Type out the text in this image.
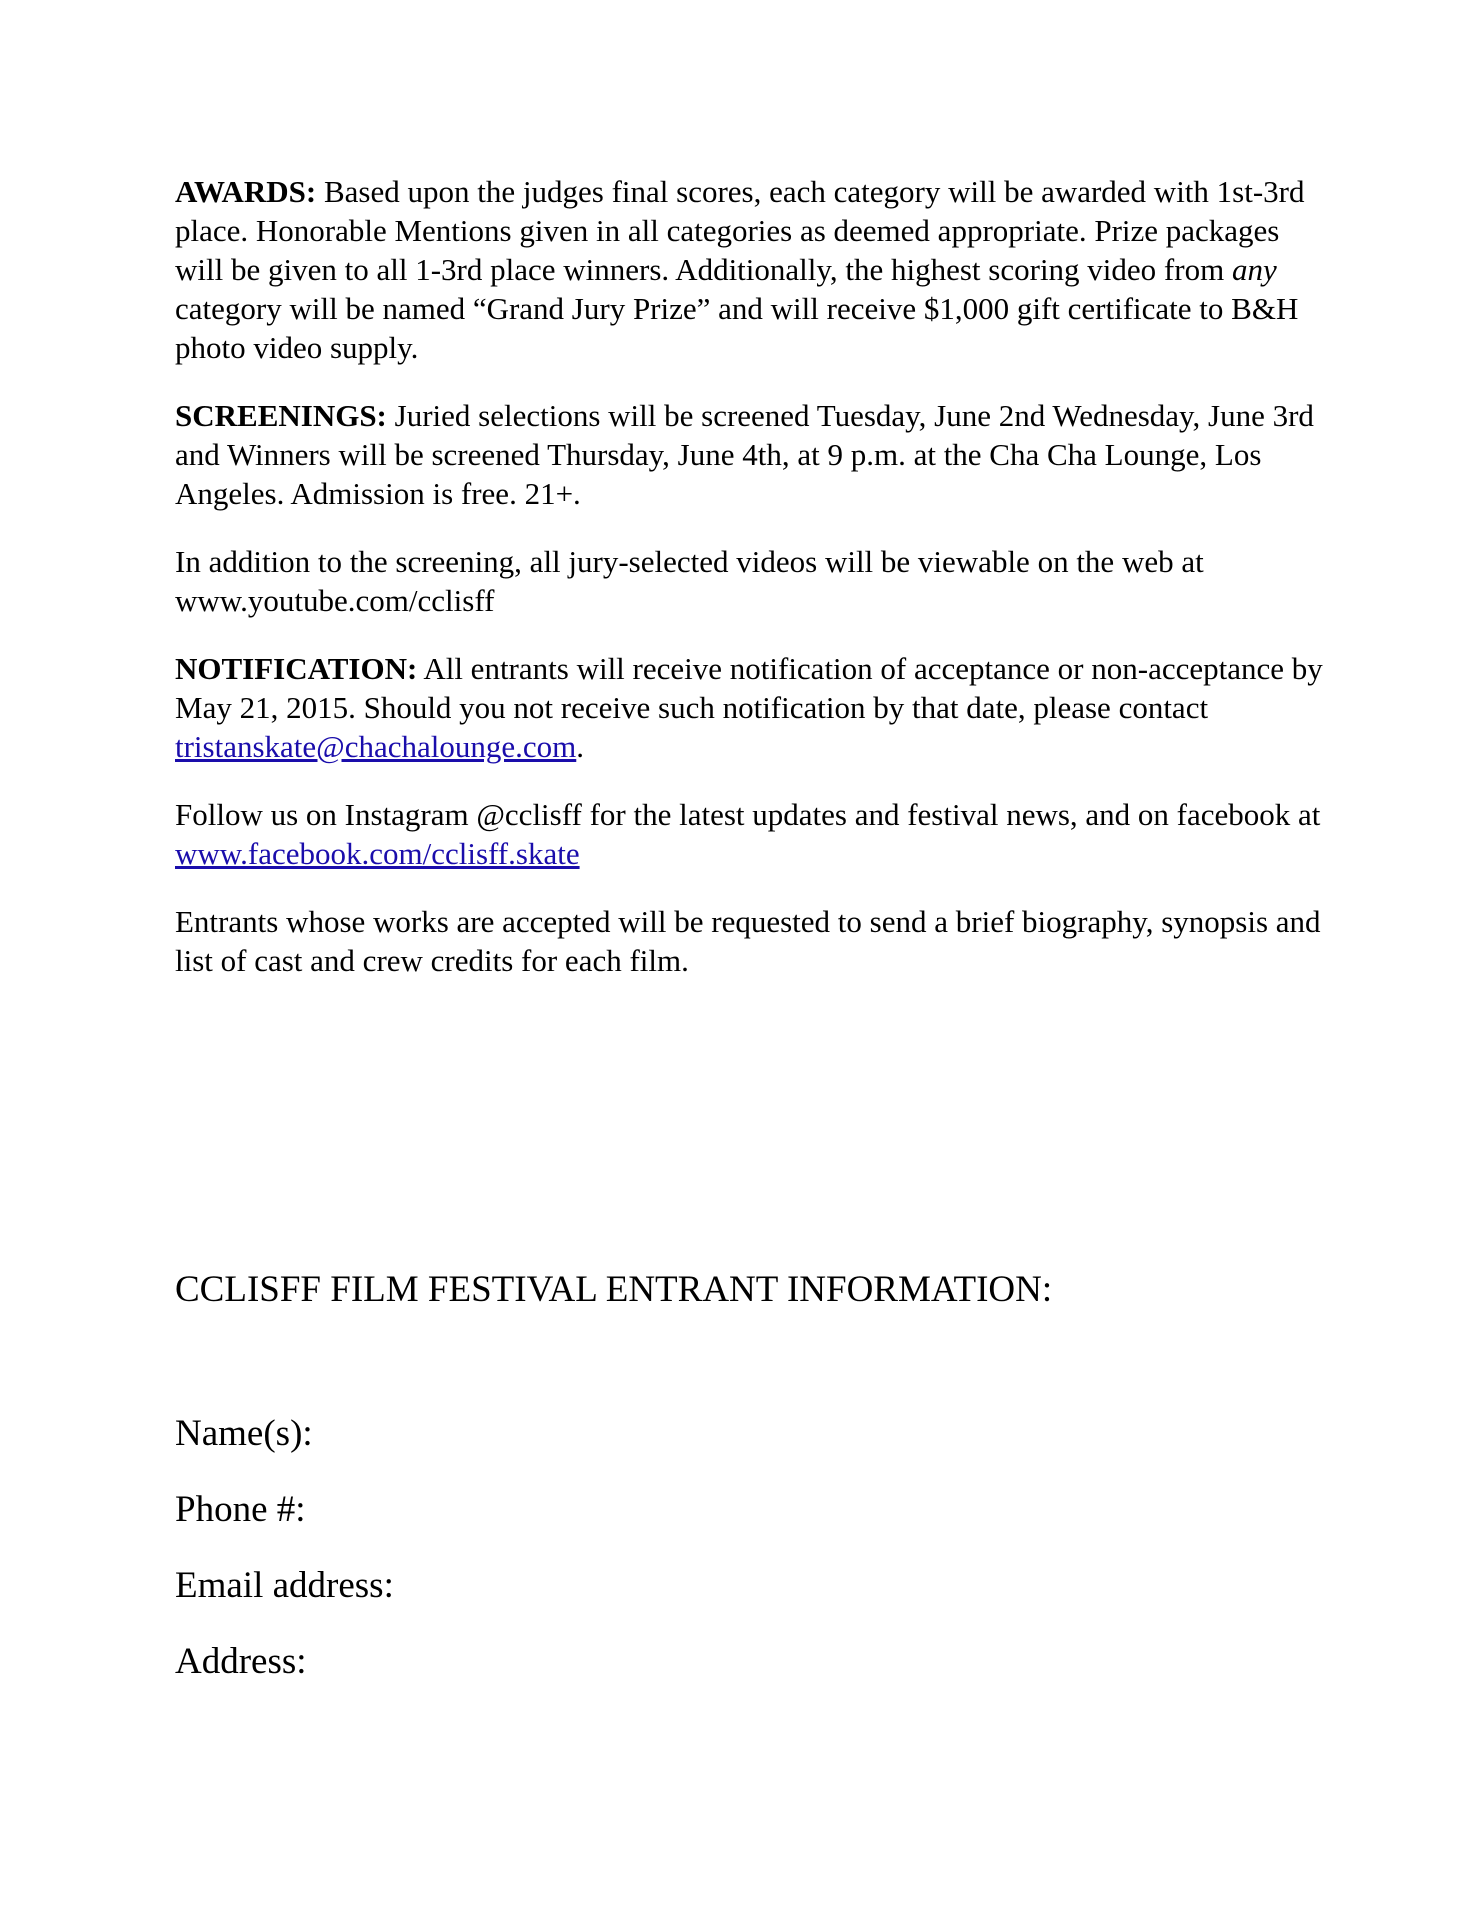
AWARDS: Based upon the judges final scores, each category will be awarded with 1st-3rd place. Honorable Mentions given in all categories as deemed appropriate. Prize packages will be given to all 1-3rd place winners. Additionally, the highest scoring video from any category will be named “Grand Jury Prize” and will receive $1,000 gift certificate to B&H photo video supply.

SCREENINGS: Juried selections will be screened Tuesday, June 2nd Wednesday, June 3rd and Winners will be screened Thursday, June 4th, at 9 p.m. at the Cha Cha Lounge, Los Angeles. Admission is free. 21+.

In addition to the screening, all jury-selected videos will be viewable on the web at www.youtube.com/cclisff

NOTIFICATION: All entrants will receive notification of acceptance or non-acceptance by May 21, 2015. Should you not receive such notification by that date, please contact tristanskate@chachalounge.com.

Follow us on Instagram @cclisff for the latest updates and festival news, and on facebook at  www.facebook.com/cclisff.skate

Entrants whose works are accepted will be requested to send a brief biography, synopsis and list of cast and crew credits for each film.

CCLISFF FILM FESTIVAL ENTRANT INFORMATION:

Name(s):

Phone #:

Email address:

Address:
